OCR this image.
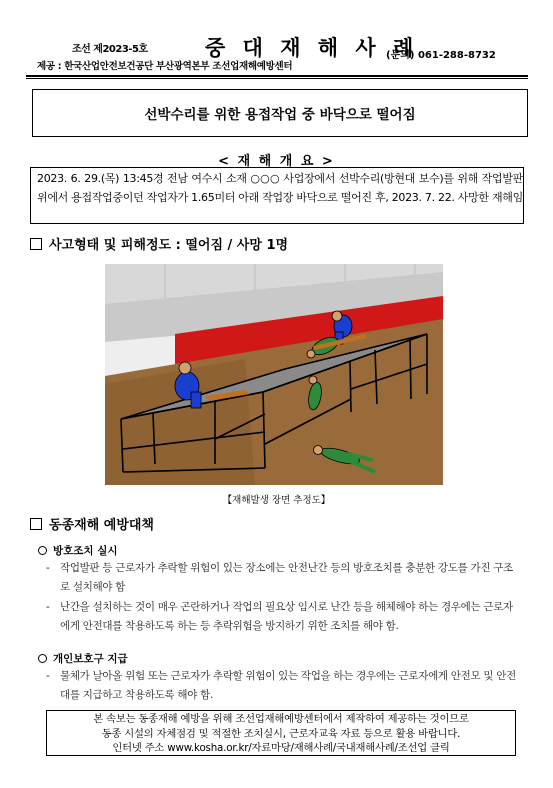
조선 제2023-5호	중 대 재 해 사 례
(문의) 061-288-8732
제공 : 한국산업안전보건공단 부산광역본부 조선업재해예방센터
선박수리를 위한 용접작업 중 바닥으로 떨어짐
< 재 해 개 요 >
2023. 6. 29.(목) 13:45경 전남 여수시 소재 ○○○ 사업장에서 선박수리(방현대 보수)를 위해 작업발판 위에서 용접작업중이던 작업자가 1.65미터 아래 작업장 바닥으로 떨어진 후, 2023. 7. 22. 사망한 재해임
사고형태 및 피해정도 : 떨어짐 / 사망 1명
【재해발생 장면 추정도】
동종재해 예방대책
방호조치 실시
- 작업발판 등 근로자가 추락할 위험이 있는 장소에는 안전난간 등의 방호조치를 충분한 강도를 가진 구조로 설치해야 함
- 난간을 설치하는 것이 매우 곤란하거나 작업의 필요상 임시로 난간 등을 해체해야 하는 경우에는 근로자에게 안전대를 착용하도록 하는 등 추락위험을 방지하기 위한 조치를 해야 함.
개인보호구 지급
- 물체가 날아올 위험 또는 근로자가 추락할 위험이 있는 작업을 하는 경우에는 근로자에게 안전모 및 안전대를 지급하고 착용하도록 해야 함.
본 속보는 동종재해 예방을 위해 조선업재해예방센터에서 제작하여 제공하는 것이므로
동종 시설의 자체점검 및 적절한 조치실시, 근로자교육 자료 등으로 활용 바랍니다.
인터넷 주소 www.kosha.or.kr/자료마당/재해사례/국내재해사례/조선업 클릭
